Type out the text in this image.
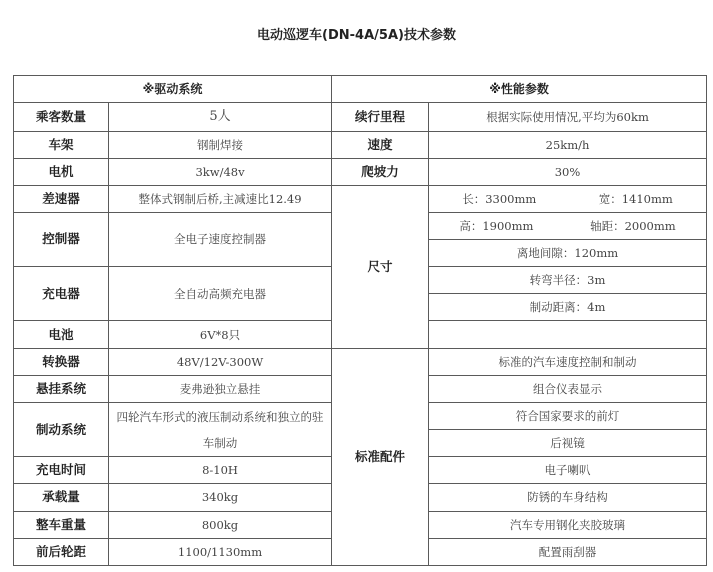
电动巡逻车(DN-4A/5A)技术参数
※驱动系统		※性能参数	
乘客数量	5人	续行里程	根据实际使用情况,平均为60km
车架	钢制焊接	速度	25km/h
电机	3kw/48v	爬坡力	30%
差速器	整体式钢制后桥,主减速比12.49	尺寸	长：3300mm 宽：1410mm

控制器	全电子速度控制器		高：1900mm 轴距：2000mm

			离地间隙：120mm
充电器	全自动高频充电器		转弯半径：3m
			制动距离：4m
电池	6V*8只		
转换器	48V/12V-300W	标准配件	标准的汽车速度控制和制动
悬挂系统	麦弗逊独立悬挂		组合仪表显示
制动系统	四轮汽车形式的液压制动系统和独立的驻车制动		符合国家要求的前灯
			后视镜
充电时间	8-10H		电子喇叭
承载量	340kg		防锈的车身结构
整车重量	800kg		汽车专用钢化夹胶玻璃
前后轮距	1100/1130mm		配置雨刮器
